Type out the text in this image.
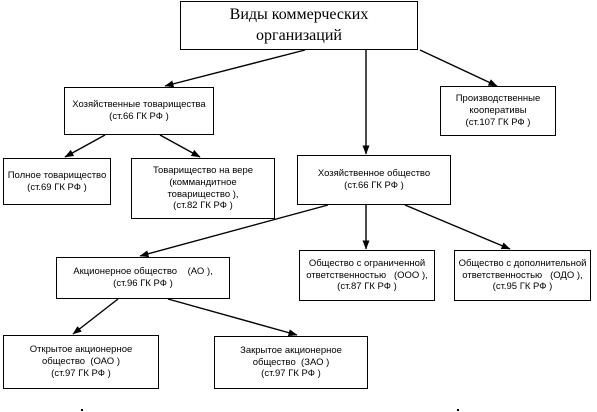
Виды коммерческих
организаций
Хозяйственные товарищества
(ст.66 ГК РФ )
Производственные
кооперативы
(ст.107 ГК РФ )
Полное товарищество
(ст.69 ГК РФ )
Товарищество на вере
(коммандитное
товарищество ),
(ст.82 ГК РФ )
Хозяйственное общество
(ст.66 ГК РФ )
Акционерное общество    (АО ),
(ст.96 ГК РФ )
Общество с ограниченной
ответственностью   (ООО ),
(ст.87 ГК РФ )
Общество с дополнительной
ответственностью   (ОДО ),
(ст.95 ГК РФ )
Открытое акционерное
общество  (ОАО )
(ст.97 ГК РФ )
Закрытое акционерное
общество  (ЗАО )
(ст.97 ГК РФ )
